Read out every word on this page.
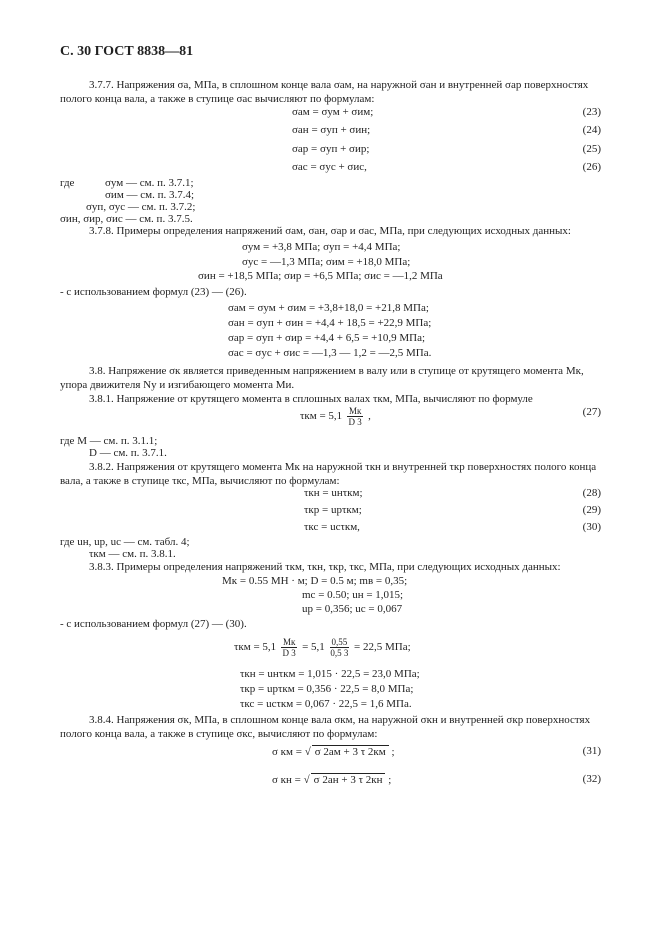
С. 30 ГОСТ 8838—81
3.7.7. Напряжения σа, МПа, в сплошном конце вала σам, на наружной σан и внутренней σар поверхностях
полого конца вала, а также в ступице σас вычисляют по формулам:
σам = σум + σим;	(23)
σан = σуп + σин;	(24)
σар = σуп + σир;	(25)
σас = σус + σис,	(26)
где	σум — см. п. 3.7.1;
σим — см. п. 3.7.4;
σуп, σус — см. п. 3.7.2;
σин, σир, σис — см. п. 3.7.5.
3.7.8. Примеры определения напряжений σам, σан, σар и σас, МПа, при следующих исходных данных:
σум = +3,8 МПа; σуп = +4,4 МПа;
σус = —1,3 МПа; σим = +18,0 МПа;
σин = +18,5 МПа; σир = +6,5 МПа; σис = —1,2 МПа
- с использованием формул (23) — (26).
σам = σум + σим = +3,8+18,0 = +21,8 МПа;
σан = σуп + σин = +4,4 + 18,5 = +22,9 МПа;
σар = σуп + σир = +4,4 + 6,5 = +10,9 МПа;
σас = σус + σис = —1,3 — 1,2 = —2,5 МПа.
3.8. Напряжение σк является приведенным напряжением в валу или в ступице от крутящего момента Mк,
упора движителя Nу и изгибающего момента Mи.
3.8.1. Напряжение от крутящего момента в сплошных валах τкм, МПа, вычисляют по формуле
$\tau км = 5,1 \frac{Mк}{D 3}$ ,	(27)
где M — см. п. 3.1.1;
D — см. п. 3.7.1.
3.8.2. Напряжения от крутящего момента Mк на наружной τкн и внутренней τкр поверхностях полого конца
вала, а также в ступице τкс, МПа, вычисляют по формулам:
τкн = uнτкм;	(28)
τкр = uрτкм;	(29)
τкс = uсτкм,	(30)
где uн, uр, uс — см. табл. 4;
τкм — см. п. 3.8.1.
3.8.3. Примеры определения напряжений τкм, τкн, τкр, τкс, МПа, при следующих исходных данных:
Mк = 0.55 МН · м; D = 0.5 м; mв = 0,35;
mс = 0.50; uн = 1,015;
uр = 0,356; uс = 0,067
- с использованием формул (27) — (30).
$\tau км = 5,1 \frac{Mк}{D 3} = 5,1 \frac{0,55}{0,5 3} = 22,5$ МПа;
τкн = uнτкм = 1,015 · 22,5 = 23,0 МПа;
τкр = uрτкм = 0,356 · 22,5 = 8,0 МПа;
τкс = uсτкм = 0,067 · 22,5 = 1,6 МПа.
3.8.4. Напряжения σк, МПа, в сплошном конце вала σкм, на наружной σкн и внутренней σкр поверхностях
полого конца вала, а также в ступице σкс, вычисляют по формулам:
σ км = √ σ 2ам + 3 τ 2км ;	(31)
σ кн = √ σ 2ан + 3 τ 2кн ;	(32)
